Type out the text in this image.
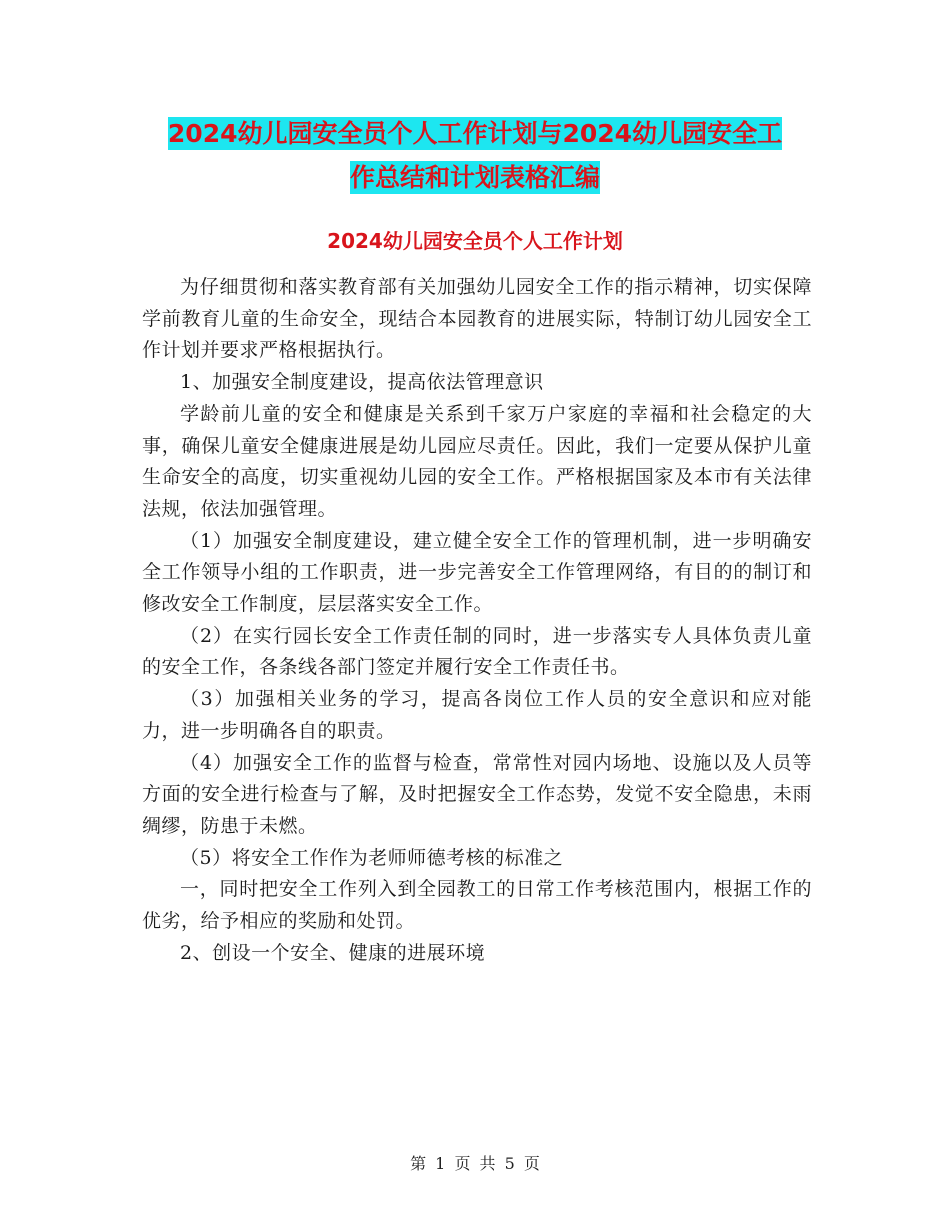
2024幼儿园安全员个人工作计划与2024幼儿园安全工
作总结和计划表格汇编
2024幼儿园安全员个人工作计划

为仔细贯彻和落实教育部有关加强幼儿园安全工作的指示精神，切实保障学前教育儿童的生命安全，现结合本园教育的进展实际，特制订幼儿园安全工作计划并要求严格根据执行。

1、加强安全制度建设，提高依法管理意识

学龄前儿童的安全和健康是关系到千家万户家庭的幸福和社会稳定的大事，确保儿童安全健康进展是幼儿园应尽责任。因此，我们一定要从保护儿童生命安全的高度，切实重视幼儿园的安全工作。严格根据国家及本市有关法律法规，依法加强管理。

（1）加强安全制度建设，建立健全安全工作的管理机制，进一步明确安全工作领导小组的工作职责，进一步完善安全工作管理网络，有目的的制订和修改安全工作制度，层层落实安全工作。

（2）在实行园长安全工作责任制的同时，进一步落实专人具体负责儿童的安全工作，各条线各部门签定并履行安全工作责任书。

（3）加强相关业务的学习，提高各岗位工作人员的安全意识和应对能力，进一步明确各自的职责。

（4）加强安全工作的监督与检查，常常性对园内场地、设施以及人员等方面的安全进行检查与了解，及时把握安全工作态势，发觉不安全隐患，未雨绸缪，防患于未燃。

（5）将安全工作作为老师师德考核的标准之

一，同时把安全工作列入到全园教工的日常工作考核范围内，根据工作的优劣，给予相应的奖励和处罚。

2、创设一个安全、健康的进展环境

第 1 页 共 5 页
